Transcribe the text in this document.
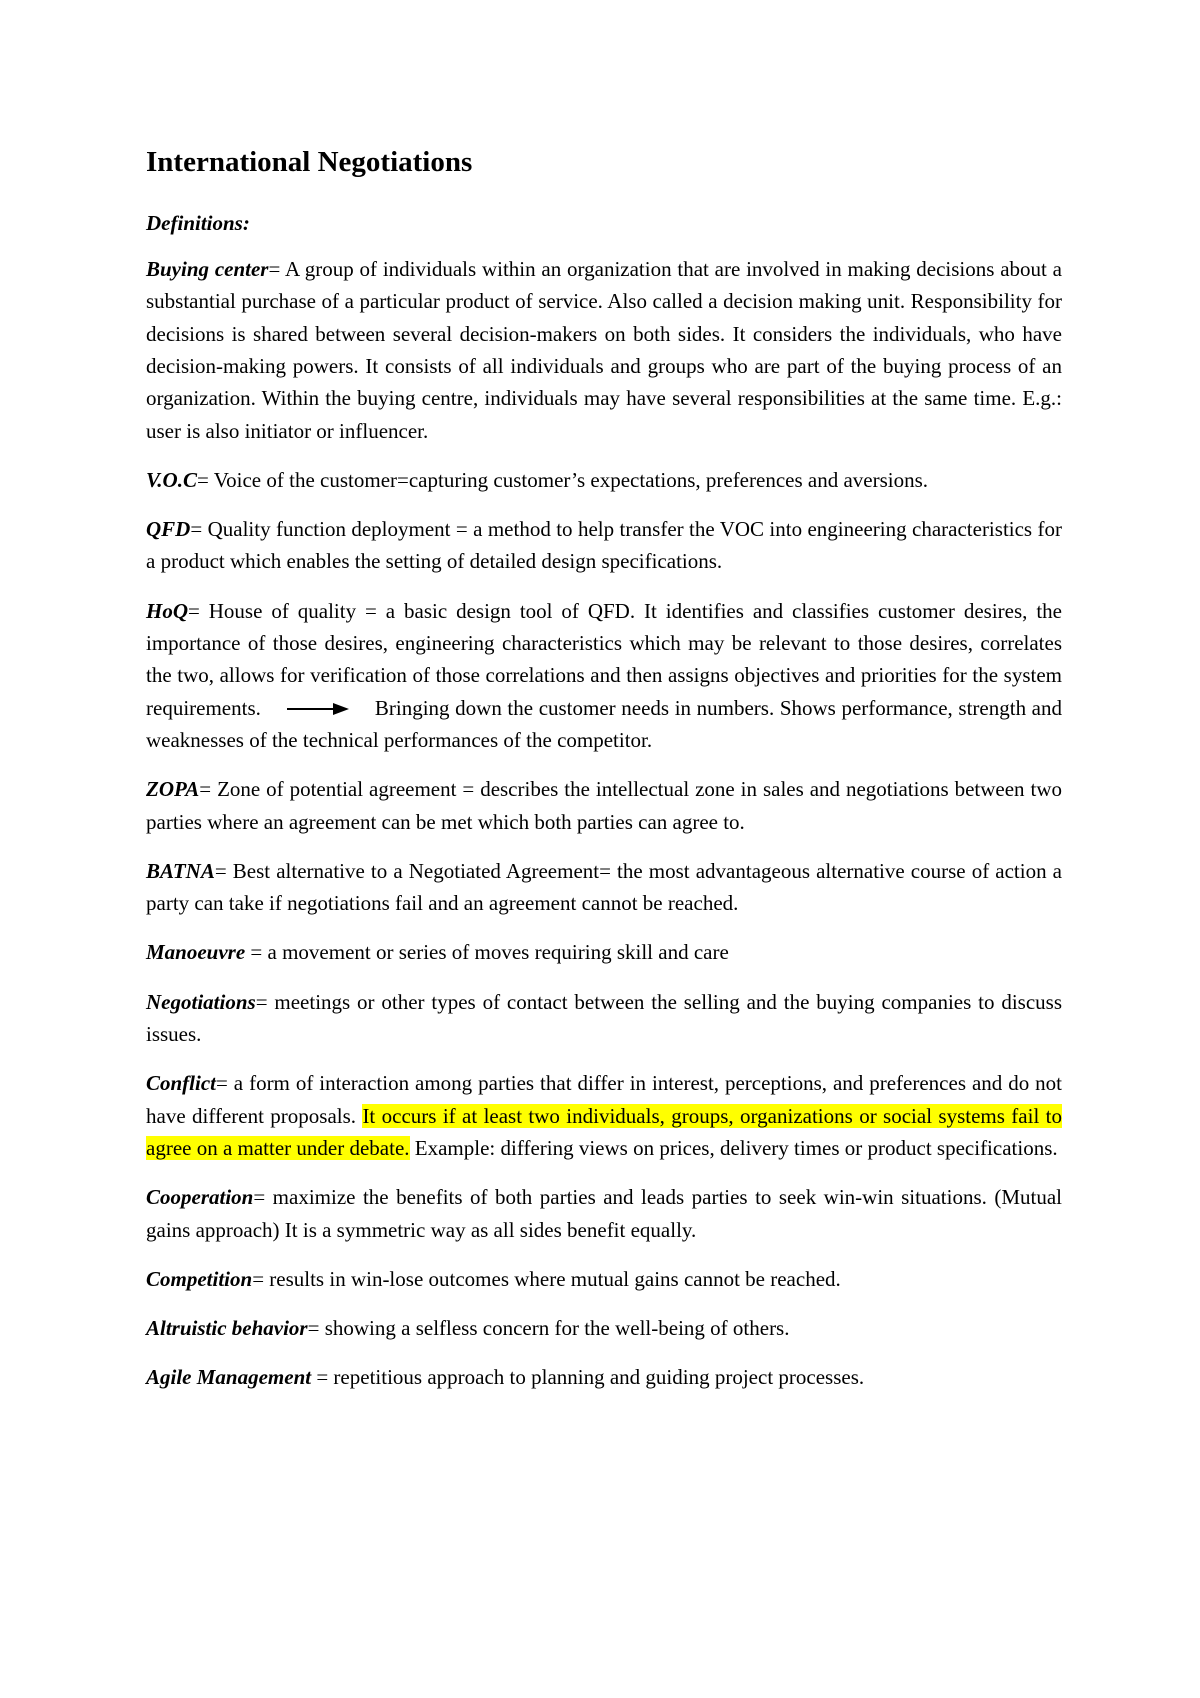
International Negotiations
Definitions:

Buying center= A group of individuals within an organization that are involved in making decisions about a substantial purchase of a particular product of service. Also called a decision making unit. Responsibility for decisions is shared between several decision-makers on both sides. It considers the individuals, who have decision-making powers. It consists of all individuals and groups who are part of the buying process of an organization. Within the buying centre, individuals may have several responsibilities at the same time. E.g.: user is also initiator or influencer.

V.O.C= Voice of the customer=capturing customer’s expectations, preferences and aversions.

QFD= Quality function deployment = a method to help transfer the VOC into engineering characteristics for a product which enables the setting of detailed design specifications.

HoQ= House of quality = a basic design tool of QFD. It identifies and classifies customer desires, the importance of those desires, engineering characteristics which may be relevant to those desires, correlates the two, allows for verification of those correlations and then assigns objectives and priorities for the system requirements.	Bringing down the customer needs in numbers. Shows performance, strength and weaknesses of the technical performances of the competitor.

ZOPA= Zone of potential agreement = describes the intellectual zone in sales and negotiations between two parties where an agreement can be met which both parties can agree to.

BATNA= Best alternative to a Negotiated Agreement= the most advantageous alternative course of action a party can take if negotiations fail and an agreement cannot be reached.

Manoeuvre = a movement or series of moves requiring skill and care

Negotiations= meetings or other types of contact between the selling and the buying companies to discuss issues.

Conflict= a form of interaction among parties that differ in interest, perceptions, and preferences and do not have different proposals. It occurs if at least two individuals, groups, organizations or social systems fail to agree on a matter under debate. Example: differing views on prices, delivery times or product specifications.

Cooperation= maximize the benefits of both parties and leads parties to seek win-win situations. (Mutual gains approach) It is a symmetric way as all sides benefit equally.

Competition= results in win-lose outcomes where mutual gains cannot be reached.

Altruistic behavior= showing a selfless concern for the well-being of others.

Agile Management = repetitious approach to planning and guiding project processes.
